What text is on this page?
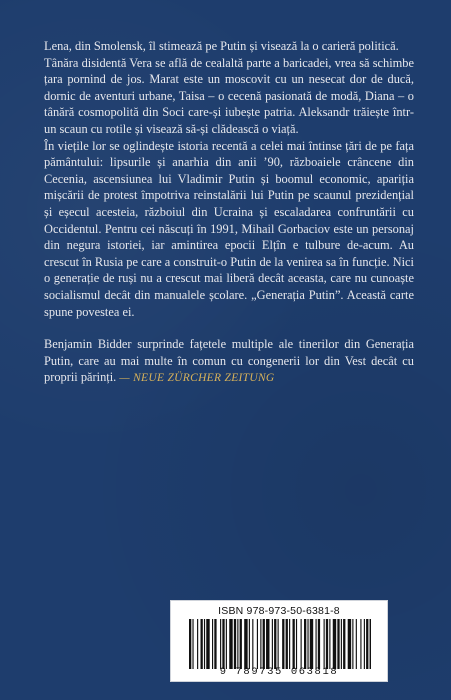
Lena, din Smolensk, îl stimează pe Putin și visează la o carieră politică.

Tânăra disidentă Vera se află de cealaltă parte a baricadei, vrea să schimbe țara pornind de jos. Marat este un moscovit cu un nesecat dor de ducă, dornic de aventuri urbane, Taisa – o cecenă pasionată de modă, Diana – o tânără cosmopolită din Soci care-și iubește patria. Aleksandr trăiește într-un scaun cu rotile și visează să-și clădească o viață.

În viețile lor se oglindește istoria recentă a celei mai întinse țări de pe fața pământului: lipsurile și anarhia din anii ’90, războaiele crâncene din Cecenia, ascensiunea lui Vladimir Putin și boomul economic, apariția mișcării de protest împotriva reinstalării lui Putin pe scaunul prezidențial și eșecul acesteia, războiul din Ucraina și escaladarea confruntării cu Occidentul. Pentru cei născuți în 1991, Mihail Gorbaciov este un personaj din negura istoriei, iar amintirea epocii Elțîn e tulbure de-acum. Au crescut în Rusia pe care a construit-o Putin de la venirea sa în funcție. Nici o generație de ruși nu a crescut mai liberă decât aceasta, care nu cunoaște socialismul decât din manualele școlare. „Generația Putin”. Această carte spune povestea ei.

Benjamin Bidder surprinde fațetele multiple ale tinerilor din Generația Putin, care au mai multe în comun cu congenerii lor din Vest decât cu proprii părinți. — NEUE ZÜRCHER ZEITUNG

ISBN 978-973-50-6381-8
9 789735 063818
